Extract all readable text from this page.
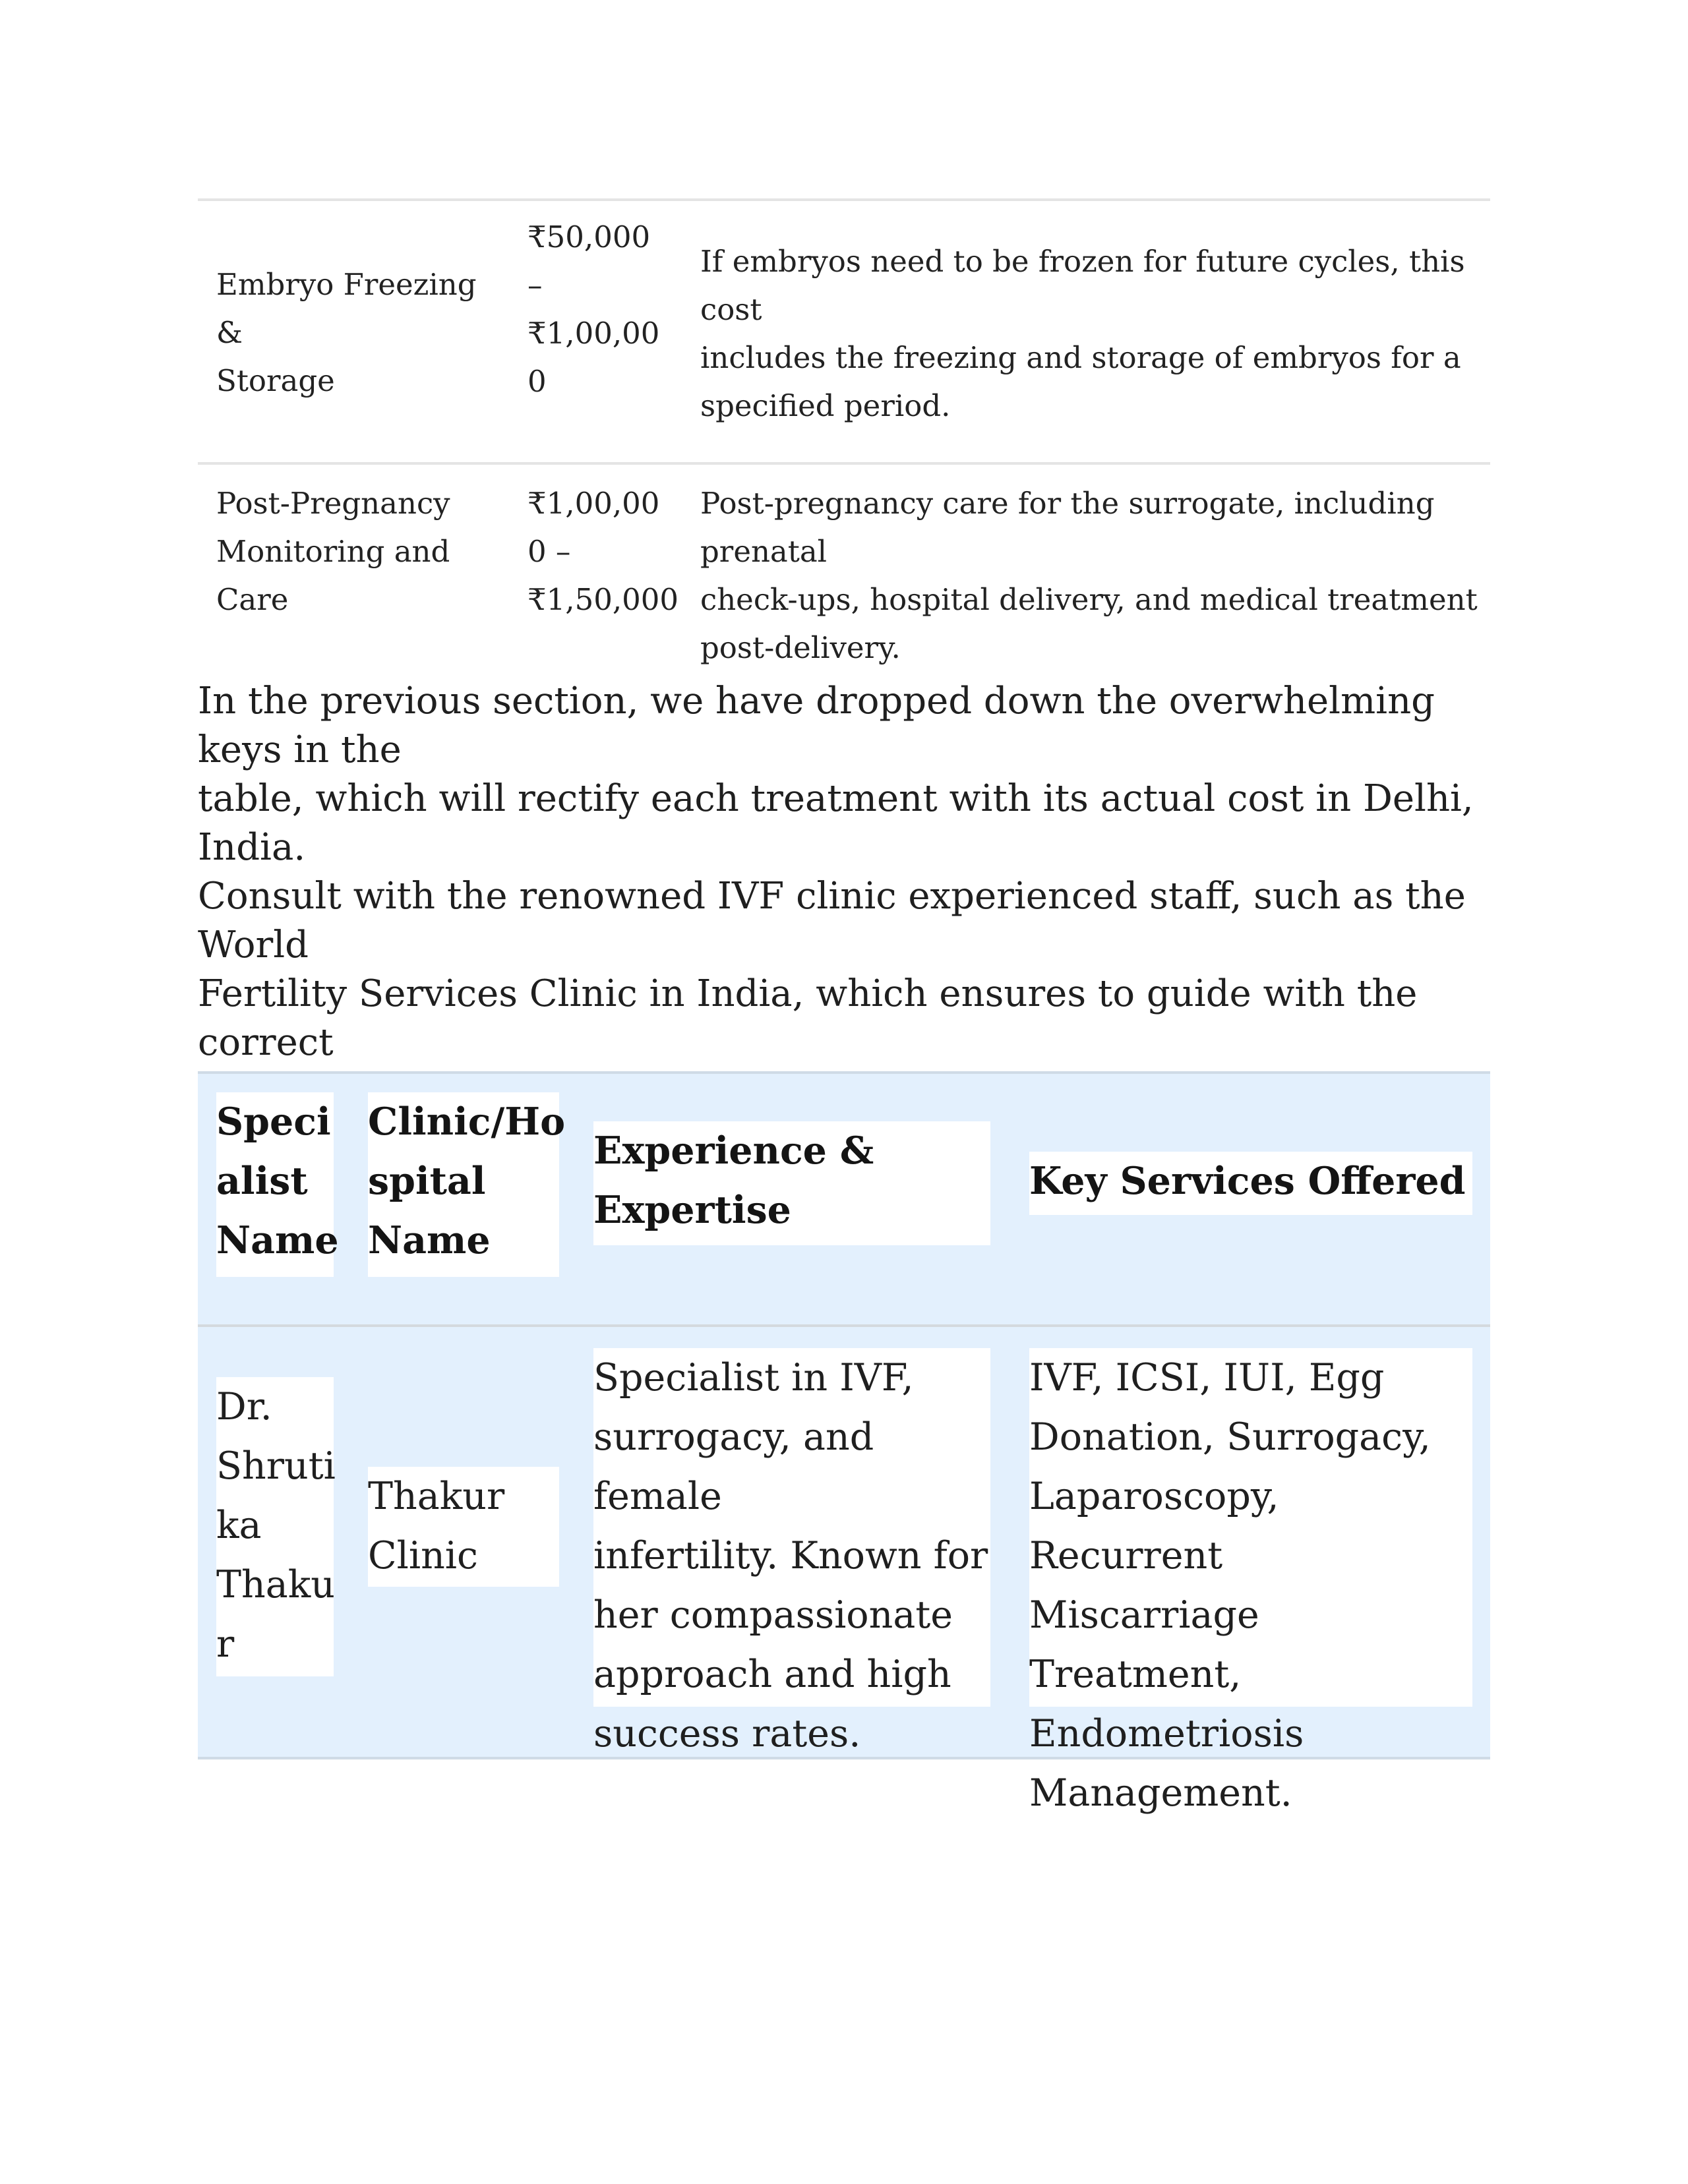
Embryo Freezing &
Storage
₹50,000
–
₹1,00,00
0
If embryos need to be frozen for future cycles, this cost
includes the freezing and storage of embryos for a
specified period.
Post-Pregnancy
Monitoring and
Care
₹1,00,00
0 –
₹1,50,000
Post-pregnancy care for the surrogate, including prenatal
check-ups, hospital delivery, and medical treatment
post-delivery.
In the previous section, we have dropped down the overwhelming keys in the
table, which will rectify each treatment with its actual cost in Delhi, India.
Consult with the renowned IVF clinic experienced staff, such as the World
Fertility Services Clinic in India, which ensures to guide with the correct
Speci
alist
Name
Clinic/Ho
spital
Name
Experience &
Expertise
Key Services Offered
Dr.
Shruti
ka
Thaku
r
Thakur
Clinic
Specialist in IVF,
surrogacy, and female
infertility. Known for
her compassionate
approach and high
success rates.
IVF, ICSI, IUI, Egg
Donation, Surrogacy,
Laparoscopy, Recurrent
Miscarriage Treatment,
Endometriosis
Management.
